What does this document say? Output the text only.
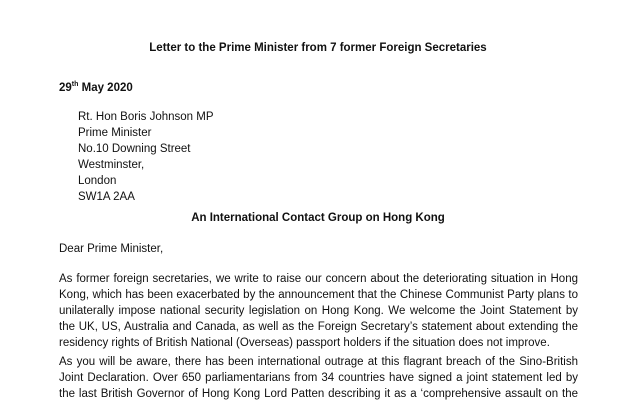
Letter to the Prime Minister from 7 former Foreign Secretaries
29th May 2020
Rt. Hon Boris Johnson MP
Prime Minister
No.10 Downing Street
Westminster,
London
SW1A 2AA
An International Contact Group on Hong Kong
Dear Prime Minister,
As former foreign secretaries, we write to raise our concern about the deteriorating situation in Hong
Kong, which has been exacerbated by the announcement that the Chinese Communist Party plans to
unilaterally impose national security legislation on Hong Kong. We welcome the Joint Statement by
the UK, US, Australia and Canada, as well as the Foreign Secretary’s statement about extending the
residency rights of British National (Overseas) passport holders if the situation does not improve.
As you will be aware, there has been international outrage at this flagrant breach of the Sino-British
Joint Declaration. Over 650 parliamentarians from 34 countries have signed a joint statement led by
the last British Governor of Hong Kong Lord Patten describing it as a ‘comprehensive assault on the
